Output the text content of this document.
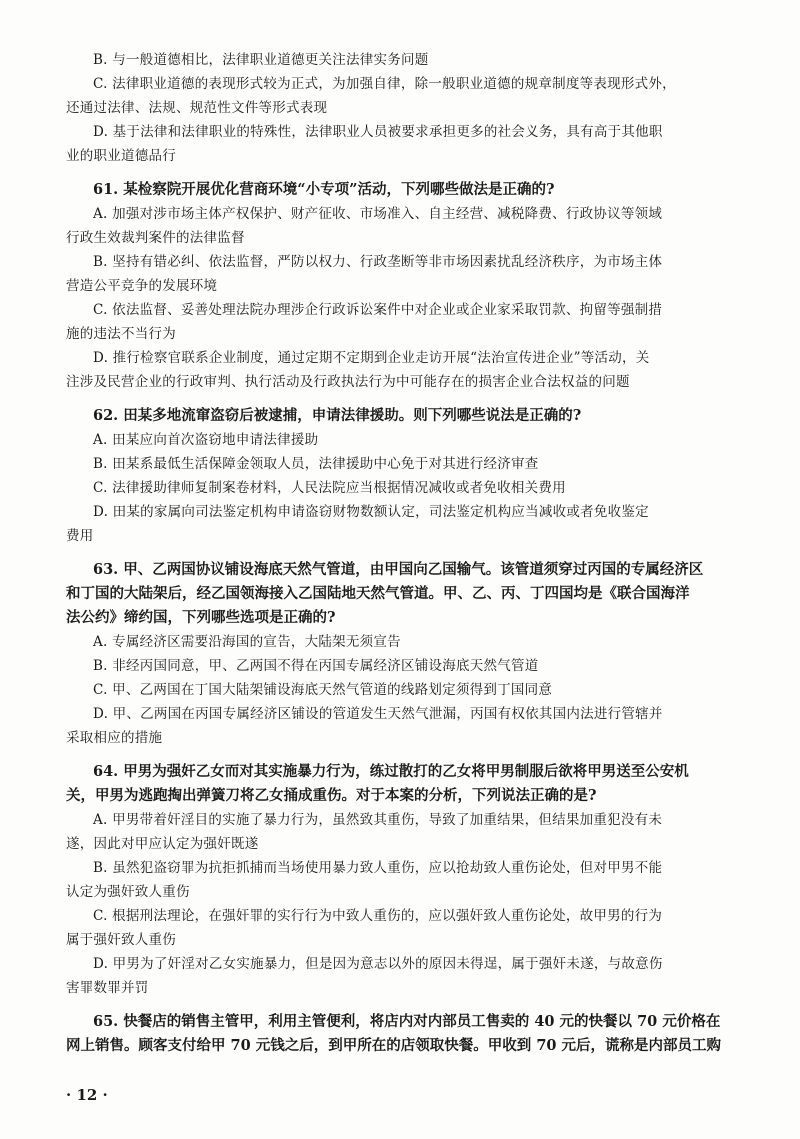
B. 与一般道德相比，法律职业道德更关注法律实务问题
C. 法律职业道德的表现形式较为正式，为加强自律，除一般职业道德的规章制度等表现形式外，
还通过法律、法规、规范性文件等形式表现
D. 基于法律和法律职业的特殊性，法律职业人员被要求承担更多的社会义务，具有高于其他职
业的职业道德品行
61. 某检察院开展优化营商环境“小专项”活动，下列哪些做法是正确的?
A. 加强对涉市场主体产权保护、财产征收、市场准入、自主经营、减税降费、行政协议等领域
行政生效裁判案件的法律监督
B. 坚持有错必纠、依法监督，严防以权力、行政垄断等非市场因素扰乱经济秩序，为市场主体
营造公平竞争的发展环境
C. 依法监督、妥善处理法院办理涉企行政诉讼案件中对企业或企业家采取罚款、拘留等强制措
施的违法不当行为
D. 推行检察官联系企业制度，通过定期不定期到企业走访开展“法治宣传进企业”等活动，关
注涉及民营企业的行政审判、执行活动及行政执法行为中可能存在的损害企业合法权益的问题
62. 田某多地流窜盗窃后被逮捕，申请法律援助。则下列哪些说法是正确的?
A. 田某应向首次盗窃地申请法律援助
B. 田某系最低生活保障金领取人员，法律援助中心免于对其进行经济审查
C. 法律援助律师复制案卷材料，人民法院应当根据情况减收或者免收相关费用
D. 田某的家属向司法鉴定机构申请盗窃财物数额认定，司法鉴定机构应当减收或者免收鉴定
费用
63. 甲、乙两国协议铺设海底天然气管道，由甲国向乙国输气。该管道须穿过丙国的专属经济区
和丁国的大陆架后，经乙国领海接入乙国陆地天然气管道。甲、乙、丙、丁四国均是《联合国海洋
法公约》缔约国，下列哪些选项是正确的?
A. 专属经济区需要沿海国的宣告，大陆架无须宣告
B. 非经丙国同意，甲、乙两国不得在丙国专属经济区铺设海底天然气管道
C. 甲、乙两国在丁国大陆架铺设海底天然气管道的线路划定须得到丁国同意
D. 甲、乙两国在丙国专属经济区铺设的管道发生天然气泄漏，丙国有权依其国内法进行管辖并
采取相应的措施
64. 甲男为强奸乙女而对其实施暴力行为，练过散打的乙女将甲男制服后欲将甲男送至公安机
关，甲男为逃跑掏出弹簧刀将乙女捅成重伤。对于本案的分析，下列说法正确的是?
A. 甲男带着奸淫目的实施了暴力行为，虽然致其重伤，导致了加重结果，但结果加重犯没有未
遂，因此对甲应认定为强奸既遂
B. 虽然犯盗窃罪为抗拒抓捕而当场使用暴力致人重伤，应以抢劫致人重伤论处，但对甲男不能
认定为强奸致人重伤
C. 根据刑法理论，在强奸罪的实行行为中致人重伤的，应以强奸致人重伤论处，故甲男的行为
属于强奸致人重伤
D. 甲男为了奸淫对乙女实施暴力，但是因为意志以外的原因未得逞，属于强奸未遂，与故意伤
害罪数罪并罚
65. 快餐店的销售主管甲，利用主管便利，将店内对内部员工售卖的 40 元的快餐以 70 元价格在
网上销售。顾客支付给甲 70 元钱之后，到甲所在的店领取快餐。甲收到 70 元后，谎称是内部员工购
· 12 ·
